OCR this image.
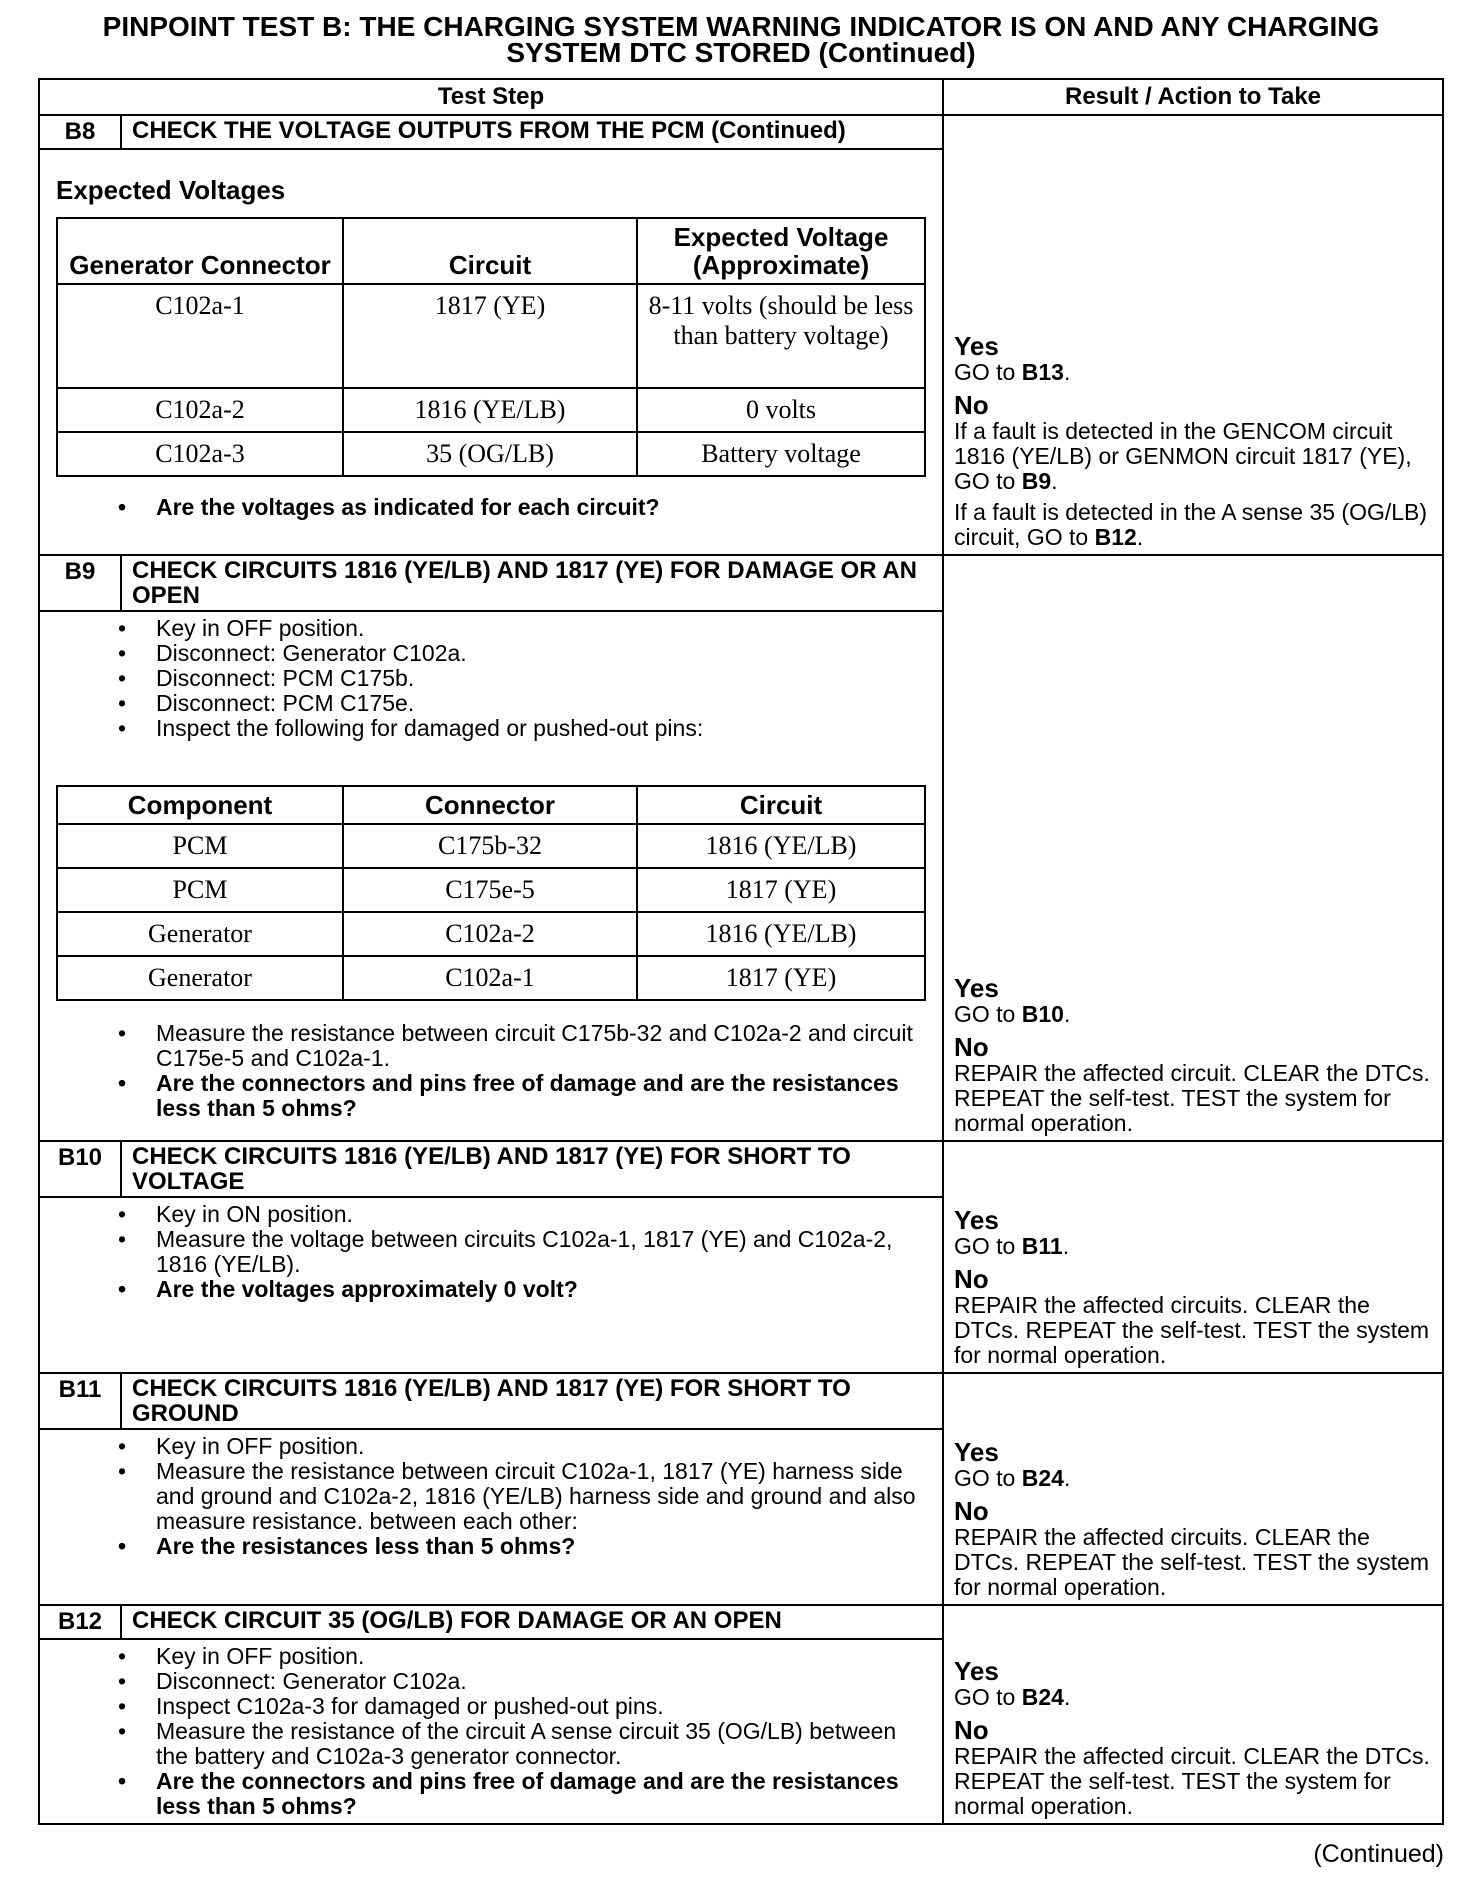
PINPOINT TEST B: THE CHARGING SYSTEM WARNING INDICATOR IS ON AND ANY CHARGING
SYSTEM DTC STORED (Continued)
Test Step	Result / Action to Take

B8	CHECK THE VOLTAGE OUTPUTS FROM THE PCM (Continued)
Expected Voltages
Generator Connector	Circuit	Expected Voltage (Approximate)
C102a-1	1817 (YE)	8-11 volts (should be less than battery voltage)
C102a-2	1816 (YE/LB)	0 volts
C102a-3	35 (OG/LB)	Battery voltage
• Are the voltages as indicated for each circuit?

Yes

GO to B13.

No

If a fault is detected in the GENCOM circuit 1816 (YE/LB) or GENMON circuit 1817 (YE), GO to B9.

If a fault is detected in the A sense 35 (OG/LB) circuit, GO to B12.

B9	CHECK CIRCUITS 1816 (YE/LB) AND 1817 (YE) FOR DAMAGE OR AN OPEN
• Key in OFF position.
• Disconnect: Generator C102a.
• Disconnect: PCM C175b.
• Disconnect: PCM C175e.
• Inspect the following for damaged or pushed-out pins:
Component	Connector	Circuit
PCM	C175b-32	1816 (YE/LB)
PCM	C175e-5	1817 (YE)
Generator	C102a-2	1816 (YE/LB)
Generator	C102a-1	1817 (YE)
• Measure the resistance between circuit C175b-32 and C102a-2 and circuit C175e-5 and C102a-1.
• Are the connectors and pins free of damage and are the resistances less than 5 ohms?

Yes

GO to B10.

No

REPAIR the affected circuit. CLEAR the DTCs. REPEAT the self-test. TEST the system for normal operation.

B10	CHECK CIRCUITS 1816 (YE/LB) AND 1817 (YE) FOR SHORT TO VOLTAGE
• Key in ON position.
• Measure the voltage between circuits C102a-1, 1817 (YE) and C102a-2, 1816 (YE/LB).
• Are the voltages approximately 0 volt?

Yes

GO to B11.

No

REPAIR the affected circuits. CLEAR the DTCs. REPEAT the self-test. TEST the system for normal operation.

B11	CHECK CIRCUITS 1816 (YE/LB) AND 1817 (YE) FOR SHORT TO GROUND
• Key in OFF position.
• Measure the resistance between circuit C102a-1, 1817 (YE) harness side and ground and C102a-2, 1816 (YE/LB) harness side and ground and also measure resistance. between each other:
• Are the resistances less than 5 ohms?

Yes

GO to B24.

No

REPAIR the affected circuits. CLEAR the DTCs. REPEAT the self-test. TEST the system for normal operation.

B12	CHECK CIRCUIT 35 (OG/LB) FOR DAMAGE OR AN OPEN
• Key in OFF position.
• Disconnect: Generator C102a.
• Inspect C102a-3 for damaged or pushed-out pins.
• Measure the resistance of the circuit A sense circuit 35 (OG/LB) between the battery and C102a-3 generator connector.
• Are the connectors and pins free of damage and are the resistances less than 5 ohms?

Yes

GO to B24.

No

REPAIR the affected circuit. CLEAR the DTCs. REPEAT the self-test. TEST the system for normal operation.

(Continued)
